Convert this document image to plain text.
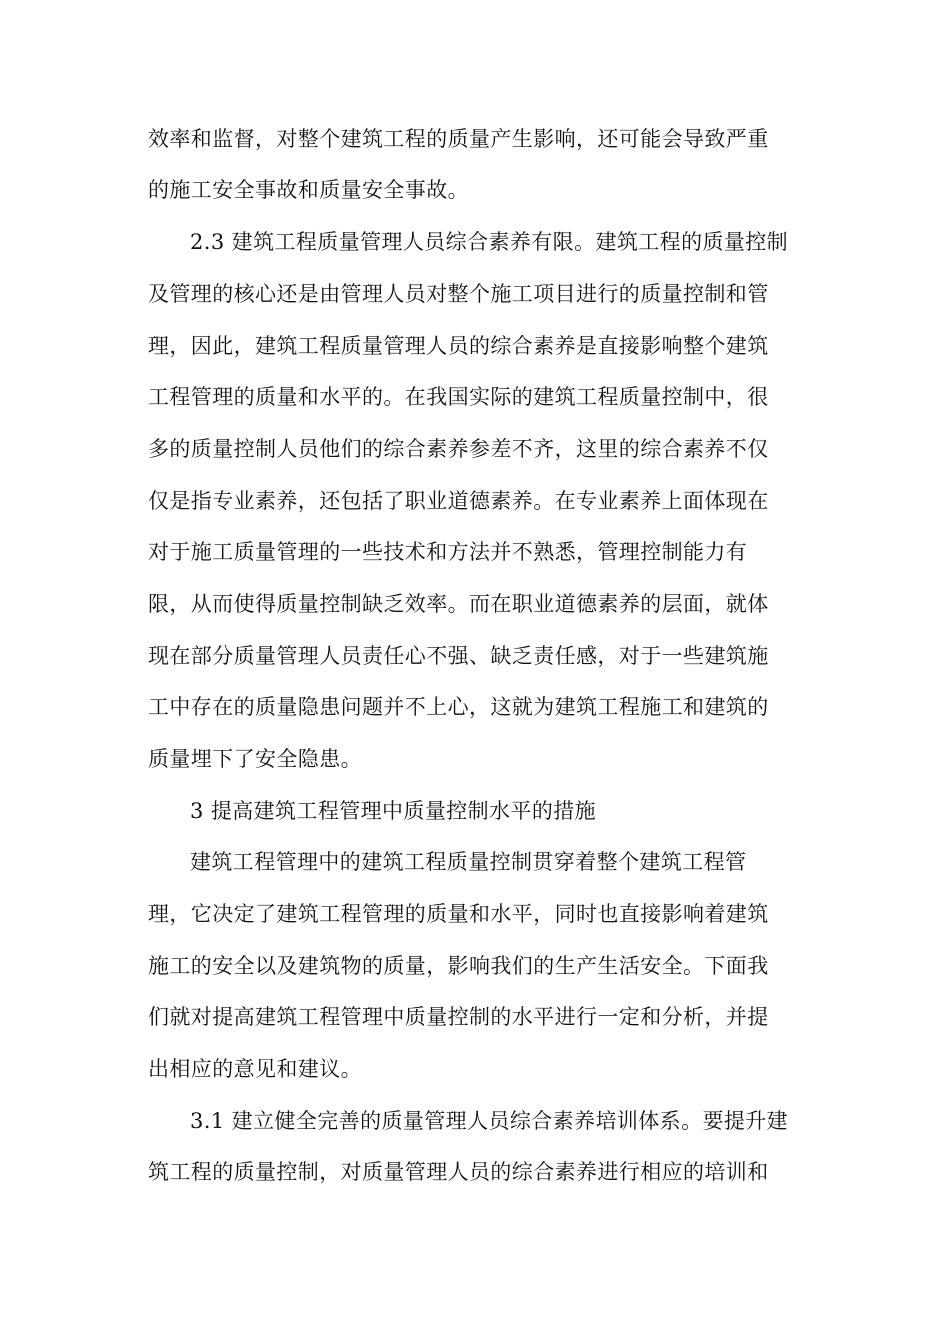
效率和监督，对整个建筑工程的质量产生影响，还可能会导致严重
的施工安全事故和质量安全事故。
2.3 建筑工程质量管理人员综合素养有限。建筑工程的质量控制
及管理的核心还是由管理人员对整个施工项目进行的质量控制和管
理，因此，建筑工程质量管理人员的综合素养是直接影响整个建筑
工程管理的质量和水平的。在我国实际的建筑工程质量控制中，很
多的质量控制人员他们的综合素养参差不齐，这里的综合素养不仅
仅是指专业素养，还包括了职业道德素养。在专业素养上面体现在
对于施工质量管理的一些技术和方法并不熟悉，管理控制能力有
限，从而使得质量控制缺乏效率。而在职业道德素养的层面，就体
现在部分质量管理人员责任心不强、缺乏责任感，对于一些建筑施
工中存在的质量隐患问题并不上心，这就为建筑工程施工和建筑的
质量埋下了安全隐患。
3 提高建筑工程管理中质量控制水平的措施
建筑工程管理中的建筑工程质量控制贯穿着整个建筑工程管
理，它决定了建筑工程管理的质量和水平，同时也直接影响着建筑
施工的安全以及建筑物的质量，影响我们的生产生活安全。下面我
们就对提高建筑工程管理中质量控制的水平进行一定和分析，并提
出相应的意见和建议。
3.1 建立健全完善的质量管理人员综合素养培训体系。要提升建
筑工程的质量控制，对质量管理人员的综合素养进行相应的培训和
